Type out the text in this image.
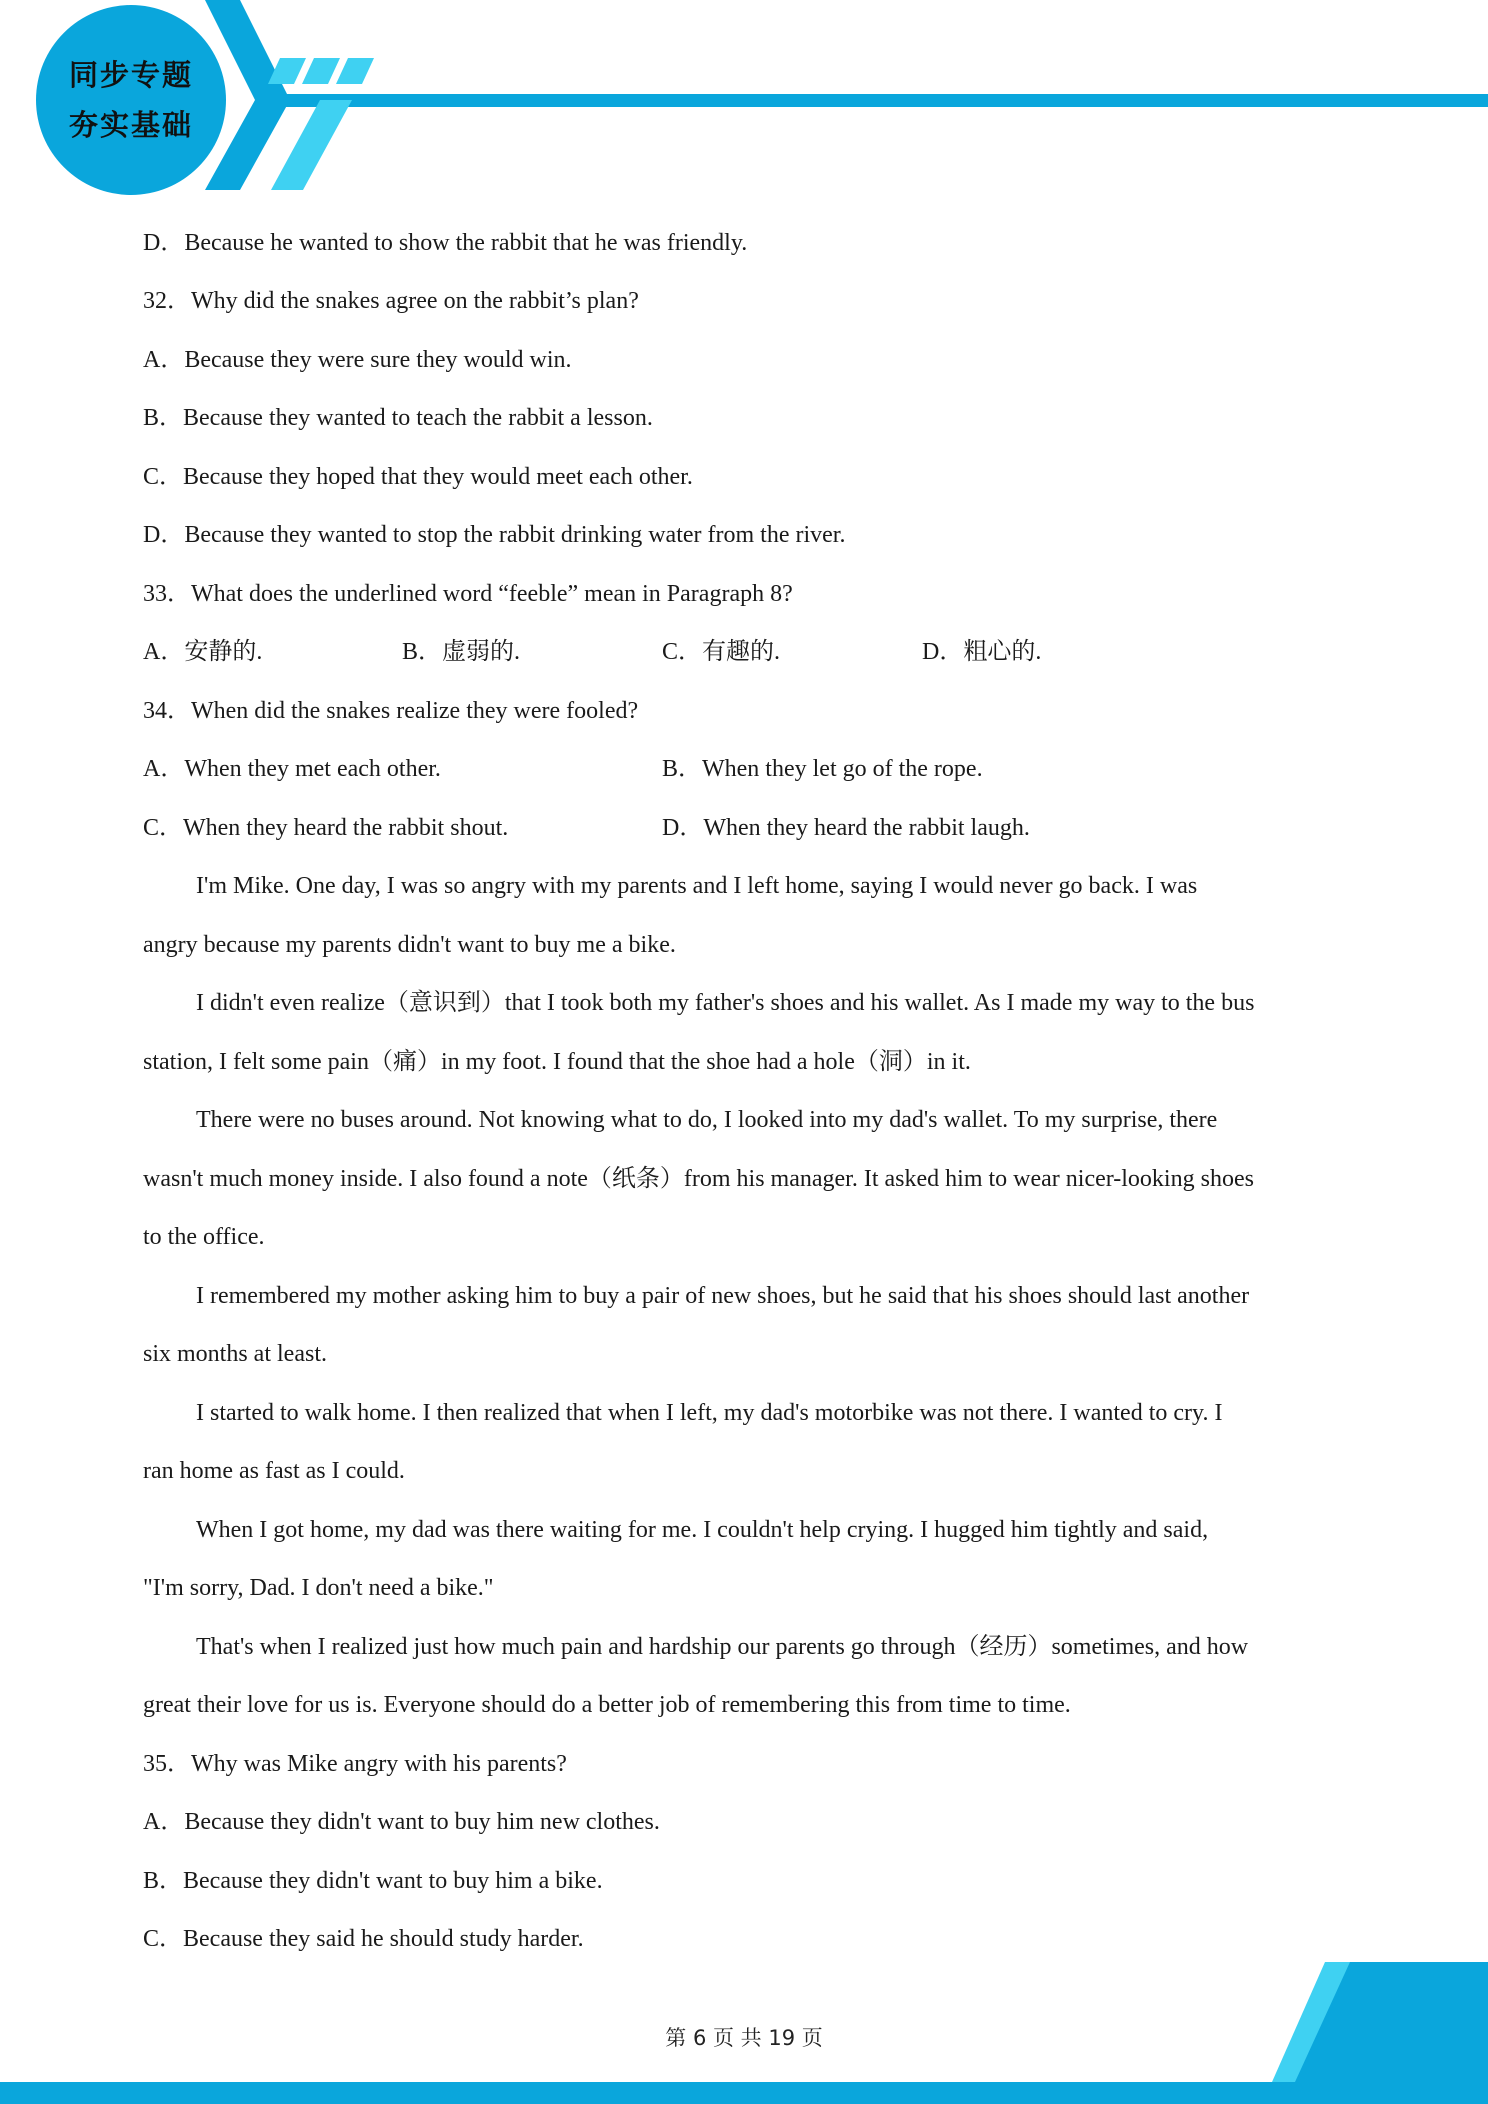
同步专题
夯实基础
D．Because he wanted to show the rabbit that he was friendly.
32．Why did the snakes agree on the rabbit’s plan?
A．Because they were sure they would win.
B．Because they wanted to teach the rabbit a lesson.
C．Because they hoped that they would meet each other.
D．Because they wanted to stop the rabbit drinking water from the river.
33．What does the underlined word “feeble” mean in Paragraph 8?
A．安静的.	B．虚弱的.	C．有趣的.	D．粗心的.
34．When did the snakes realize they were fooled?
A．When they met each other.	B．When they let go of the rope.
C．When they heard the rabbit shout.	D．When they heard the rabbit laugh.
I'm Mike. One day, I was so angry with my parents and I left home, saying I would never go back. I was
angry because my parents didn't want to buy me a bike.
I didn't even realize（意识到）that I took both my father's shoes and his wallet. As I made my way to the bus
station, I felt some pain（痛）in my foot. I found that the shoe had a hole（洞）in it.
There were no buses around. Not knowing what to do, I looked into my dad's wallet. To my surprise, there
wasn't much money inside. I also found a note（纸条）from his manager. It asked him to wear nicer-looking shoes
to the office.
I remembered my mother asking him to buy a pair of new shoes, but he said that his shoes should last another
six months at least.
I started to walk home. I then realized that when I left, my dad's motorbike was not there. I wanted to cry. I
ran home as fast as I could.
When I got home, my dad was there waiting for me. I couldn't help crying. I hugged him tightly and said,
"I'm sorry, Dad. I don't need a bike."
That's when I realized just how much pain and hardship our parents go through（经历）sometimes, and how
great their love for us is. Everyone should do a better job of remembering this from time to time.
35．Why was Mike angry with his parents?
A．Because they didn't want to buy him new clothes.
B．Because they didn't want to buy him a bike.
C．Because they said he should study harder.
第 6 页 共 19 页
